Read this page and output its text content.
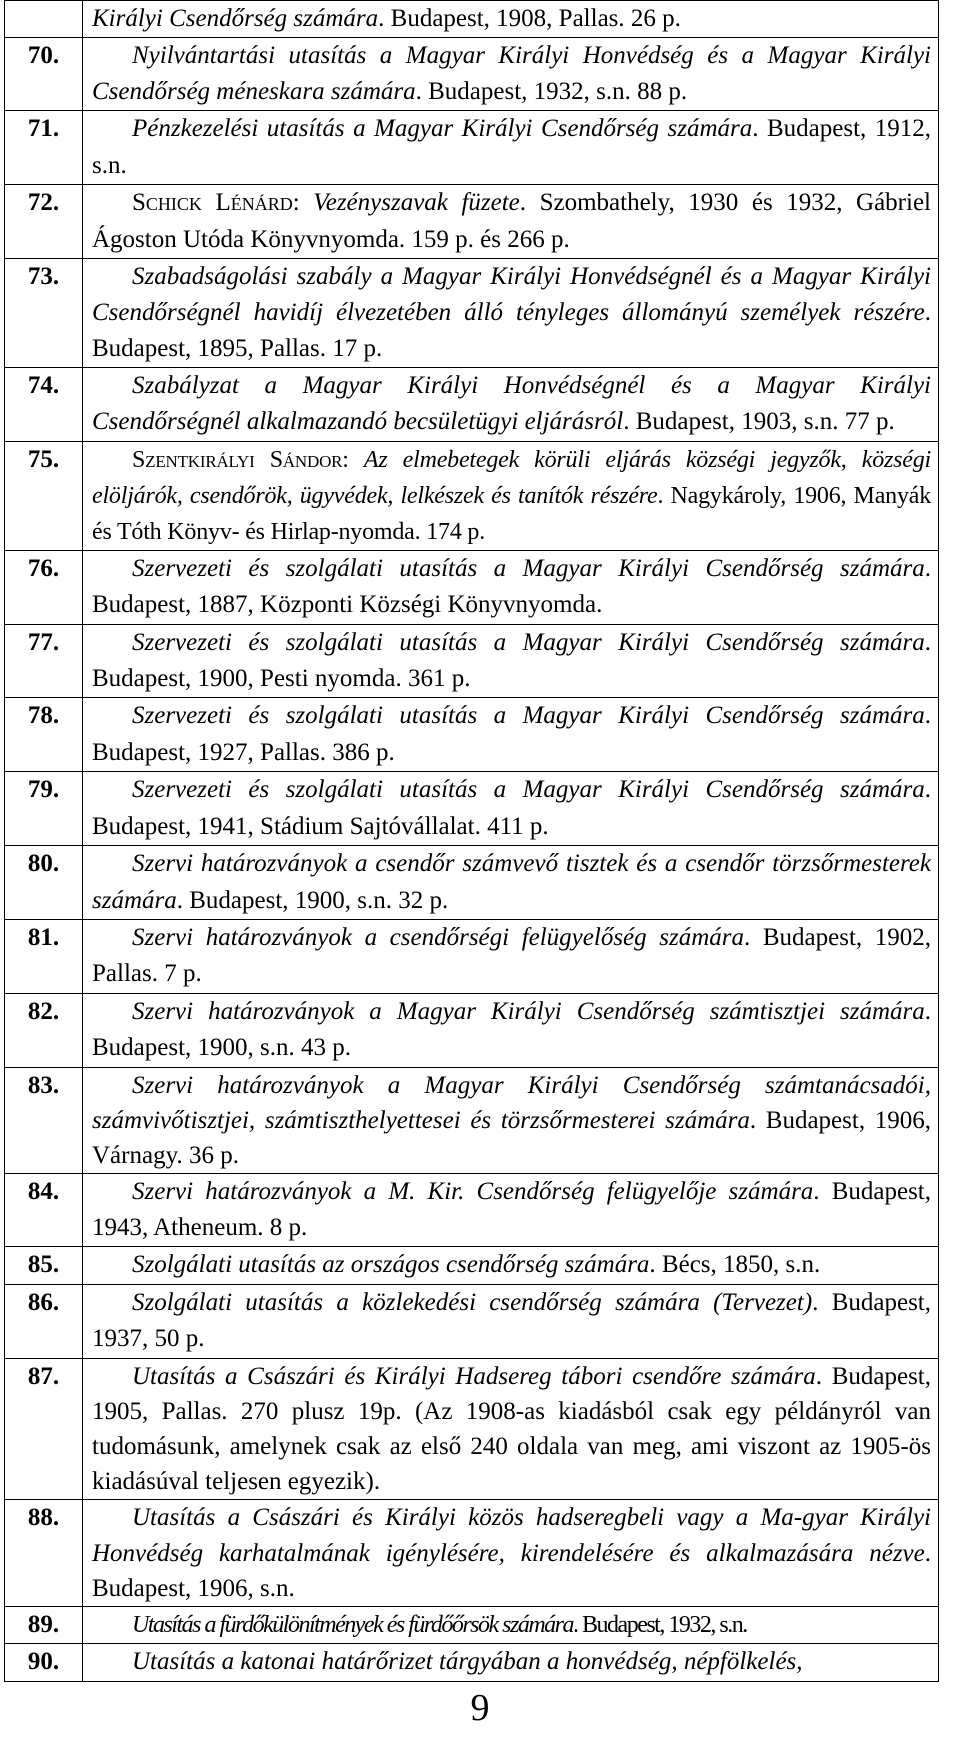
	Királyi Csendőrség számára. Budapest, 1908, Pallas. 26 p.
70.	Nyilvántartási utasítás a Magyar Királyi Honvédség és a Magyar Királyi Csendőrség méneskara számára. Budapest, 1932, s.n. 88 p.
71.	Pénzkezelési utasítás a Magyar Királyi Csendőrség számára. Budapest, 1912, s.n.
72.	Schick Lénárd: Vezényszavak füzete. Szombathely, 1930 és 1932, Gábriel Ágoston Utóda Könyvnyomda. 159 p. és 266 p.
73.	Szabadságolási szabály a Magyar Királyi Honvédségnél és a Magyar Királyi Csendőrségnél havidíj élvezetében álló tényleges állományú személyek részére. Budapest, 1895, Pallas. 17 p.
74.	Szabályzat a Magyar Királyi Honvédségnél és a Magyar Királyi Csendőrségnél alkalmazandó becsületügyi eljárásról. Budapest, 1903, s.n. 77 p.
75.	Szentkirályi Sándor: Az elmebetegek körüli eljárás községi jegyzők, községi elöljárók, csendőrök, ügyvédek, lelkészek és tanítók részére. Nagykároly, 1906, Manyák és Tóth Könyv- és Hirlap-nyomda. 174 p.
76.	Szervezeti és szolgálati utasítás a Magyar Királyi Csendőrség számára. Budapest, 1887, Központi Községi Könyvnyomda.
77.	Szervezeti és szolgálati utasítás a Magyar Királyi Csendőrség számára. Budapest, 1900, Pesti nyomda. 361 p.
78.	Szervezeti és szolgálati utasítás a Magyar Királyi Csendőrség számára. Budapest, 1927, Pallas. 386 p.
79.	Szervezeti és szolgálati utasítás a Magyar Királyi Csendőrség számára. Budapest, 1941, Stádium Sajtóvállalat. 411 p.
80.	Szervi határozványok a csendőr számvevő tisztek és a csendőr törzsőrmesterek számára. Budapest, 1900, s.n. 32 p.
81.	Szervi határozványok a csendőrségi felügyelőség számára. Budapest, 1902, Pallas. 7 p.
82.	Szervi határozványok a Magyar Királyi Csendőrség számtisztjei számára. Budapest, 1900, s.n. 43 p.
83.	Szervi határozványok a Magyar Királyi Csendőrség számtanácsadói, számvivőtisztjei, számtiszthelyettesei és törzsőrmesterei számára. Budapest, 1906, Várnagy. 36 p.
84.	Szervi határozványok a M. Kir. Csendőrség felügyelője számára. Budapest, 1943, Atheneum. 8 p.
85.	Szolgálati utasítás az országos csendőrség számára. Bécs, 1850, s.n.
86.	Szolgálati utasítás a közlekedési csendőrség számára (Tervezet). Budapest, 1937, 50 p.
87.	Utasítás a Császári és Királyi Hadsereg tábori csendőre számára. Budapest, 1905, Pallas. 270 plusz 19p. (Az 1908-as kiadásból csak egy példányról van tudomásunk, amelynek csak az első 240 oldala van meg, ami viszont az 1905-ös kiadásúval teljesen egyezik).
88.	Utasítás a Császári és Királyi közös hadseregbeli vagy a Ma-gyar Királyi Honvédség karhatalmának igénylésére, kirendelésére és alkalmazására nézve. Budapest, 1906, s.n.
89.	Utasítás a fürdőkülönítmények és fürdőőrsök számára. Budapest, 1932, s.n.
90.	Utasítás a katonai határőrizet tárgyában a honvédség, népfölkelés,
9
